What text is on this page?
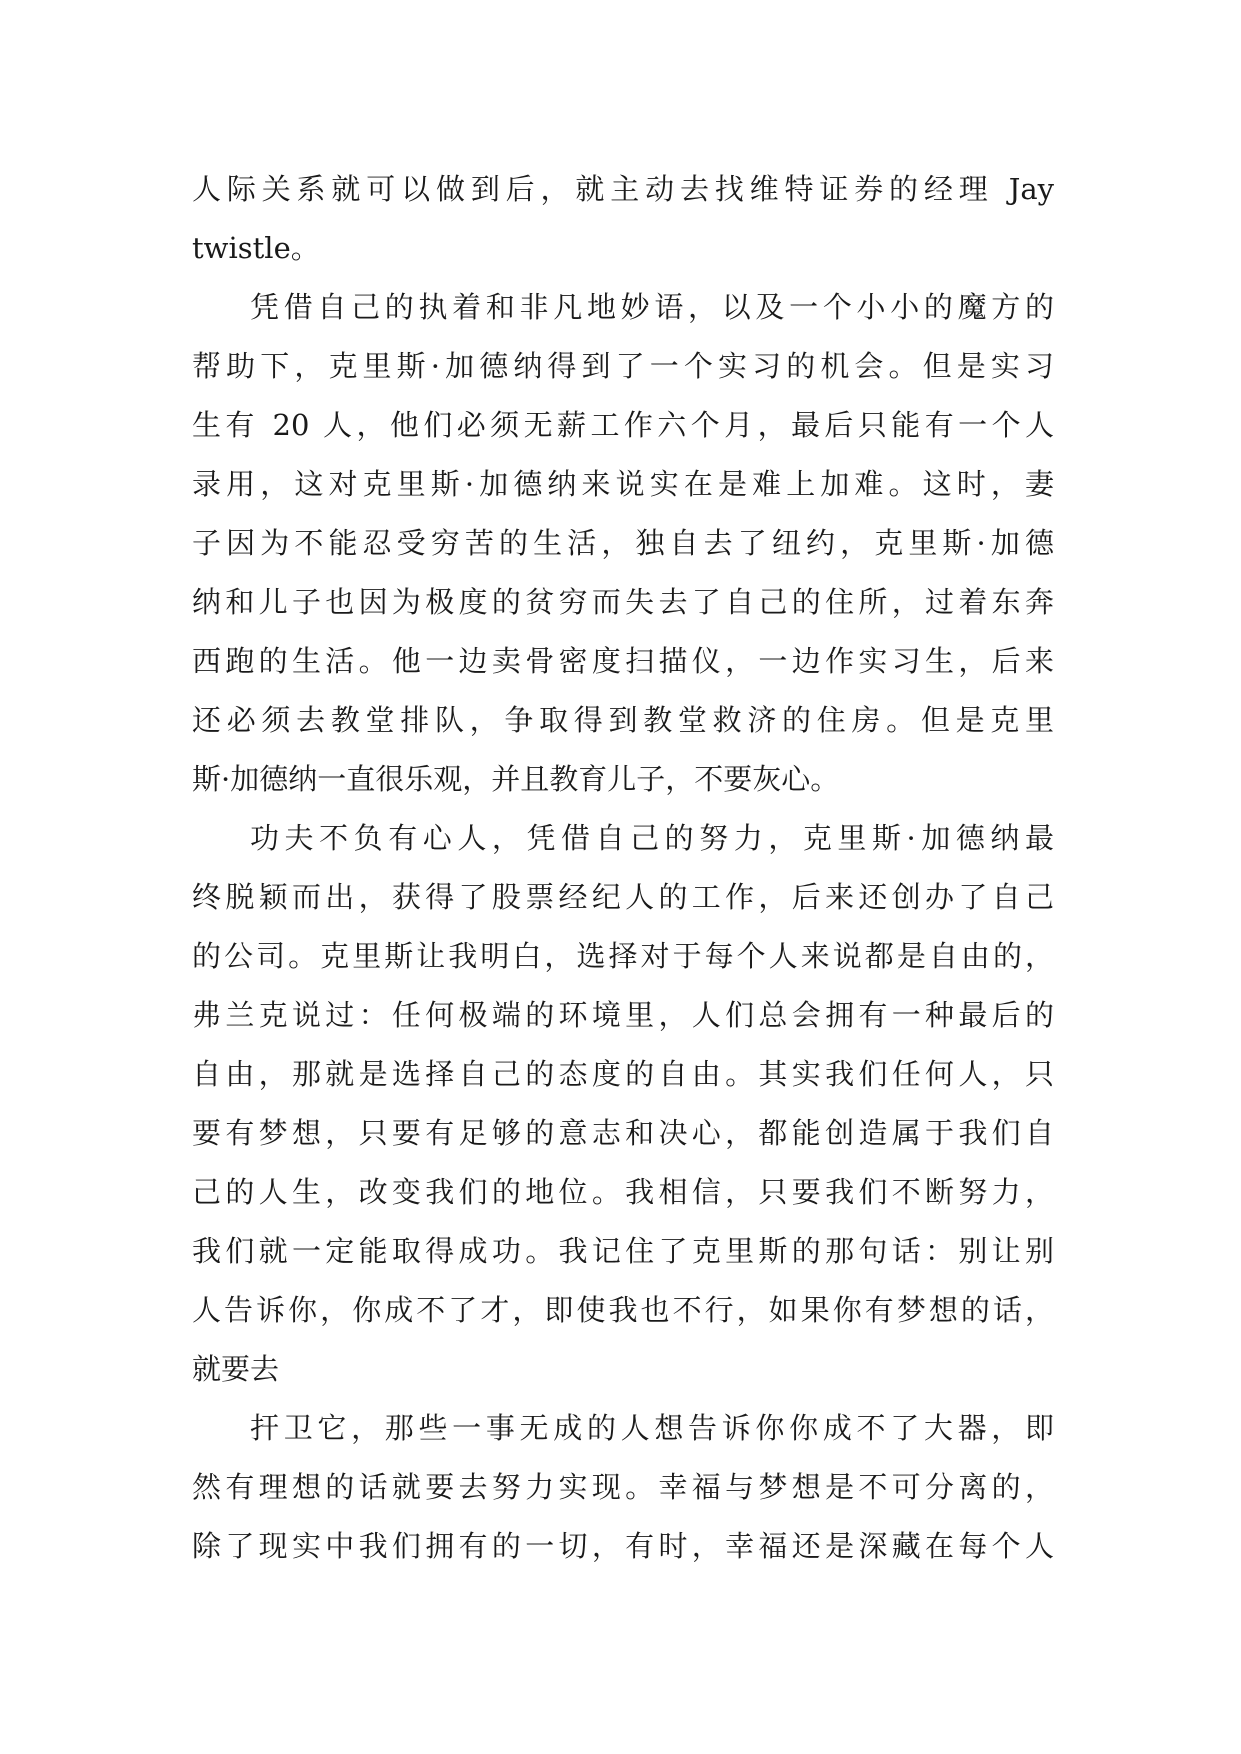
人际关系就可以做到后，就主动去找维特证券的经理 Jay
twistle。
凭借自己的执着和非凡地妙语，以及一个小小的魔方的
帮助下，克里斯·加德纳得到了一个实习的机会。但是实习
生有 20 人，他们必须无薪工作六个月，最后只能有一个人
录用，这对克里斯·加德纳来说实在是难上加难。这时，妻
子因为不能忍受穷苦的生活，独自去了纽约，克里斯·加德
纳和儿子也因为极度的贫穷而失去了自己的住所，过着东奔
西跑的生活。他一边卖骨密度扫描仪，一边作实习生，后来
还必须去教堂排队，争取得到教堂救济的住房。但是克里
斯·加德纳一直很乐观，并且教育儿子，不要灰心。
功夫不负有心人，凭借自己的努力，克里斯·加德纳最
终脱颖而出，获得了股票经纪人的工作，后来还创办了自己
的公司。克里斯让我明白，选择对于每个人来说都是自由的，
弗兰克说过：任何极端的环境里，人们总会拥有一种最后的
自由，那就是选择自己的态度的自由。其实我们任何人，只
要有梦想，只要有足够的意志和决心，都能创造属于我们自
己的人生，改变我们的地位。我相信，只要我们不断努力，
我们就一定能取得成功。我记住了克里斯的那句话：别让别
人告诉你，你成不了才，即使我也不行，如果你有梦想的话，
就要去
扞卫它，那些一事无成的人想告诉你你成不了大器，即
然有理想的话就要去努力实现。幸福与梦想是不可分离的，
除了现实中我们拥有的一切，有时，幸福还是深藏在每个人
